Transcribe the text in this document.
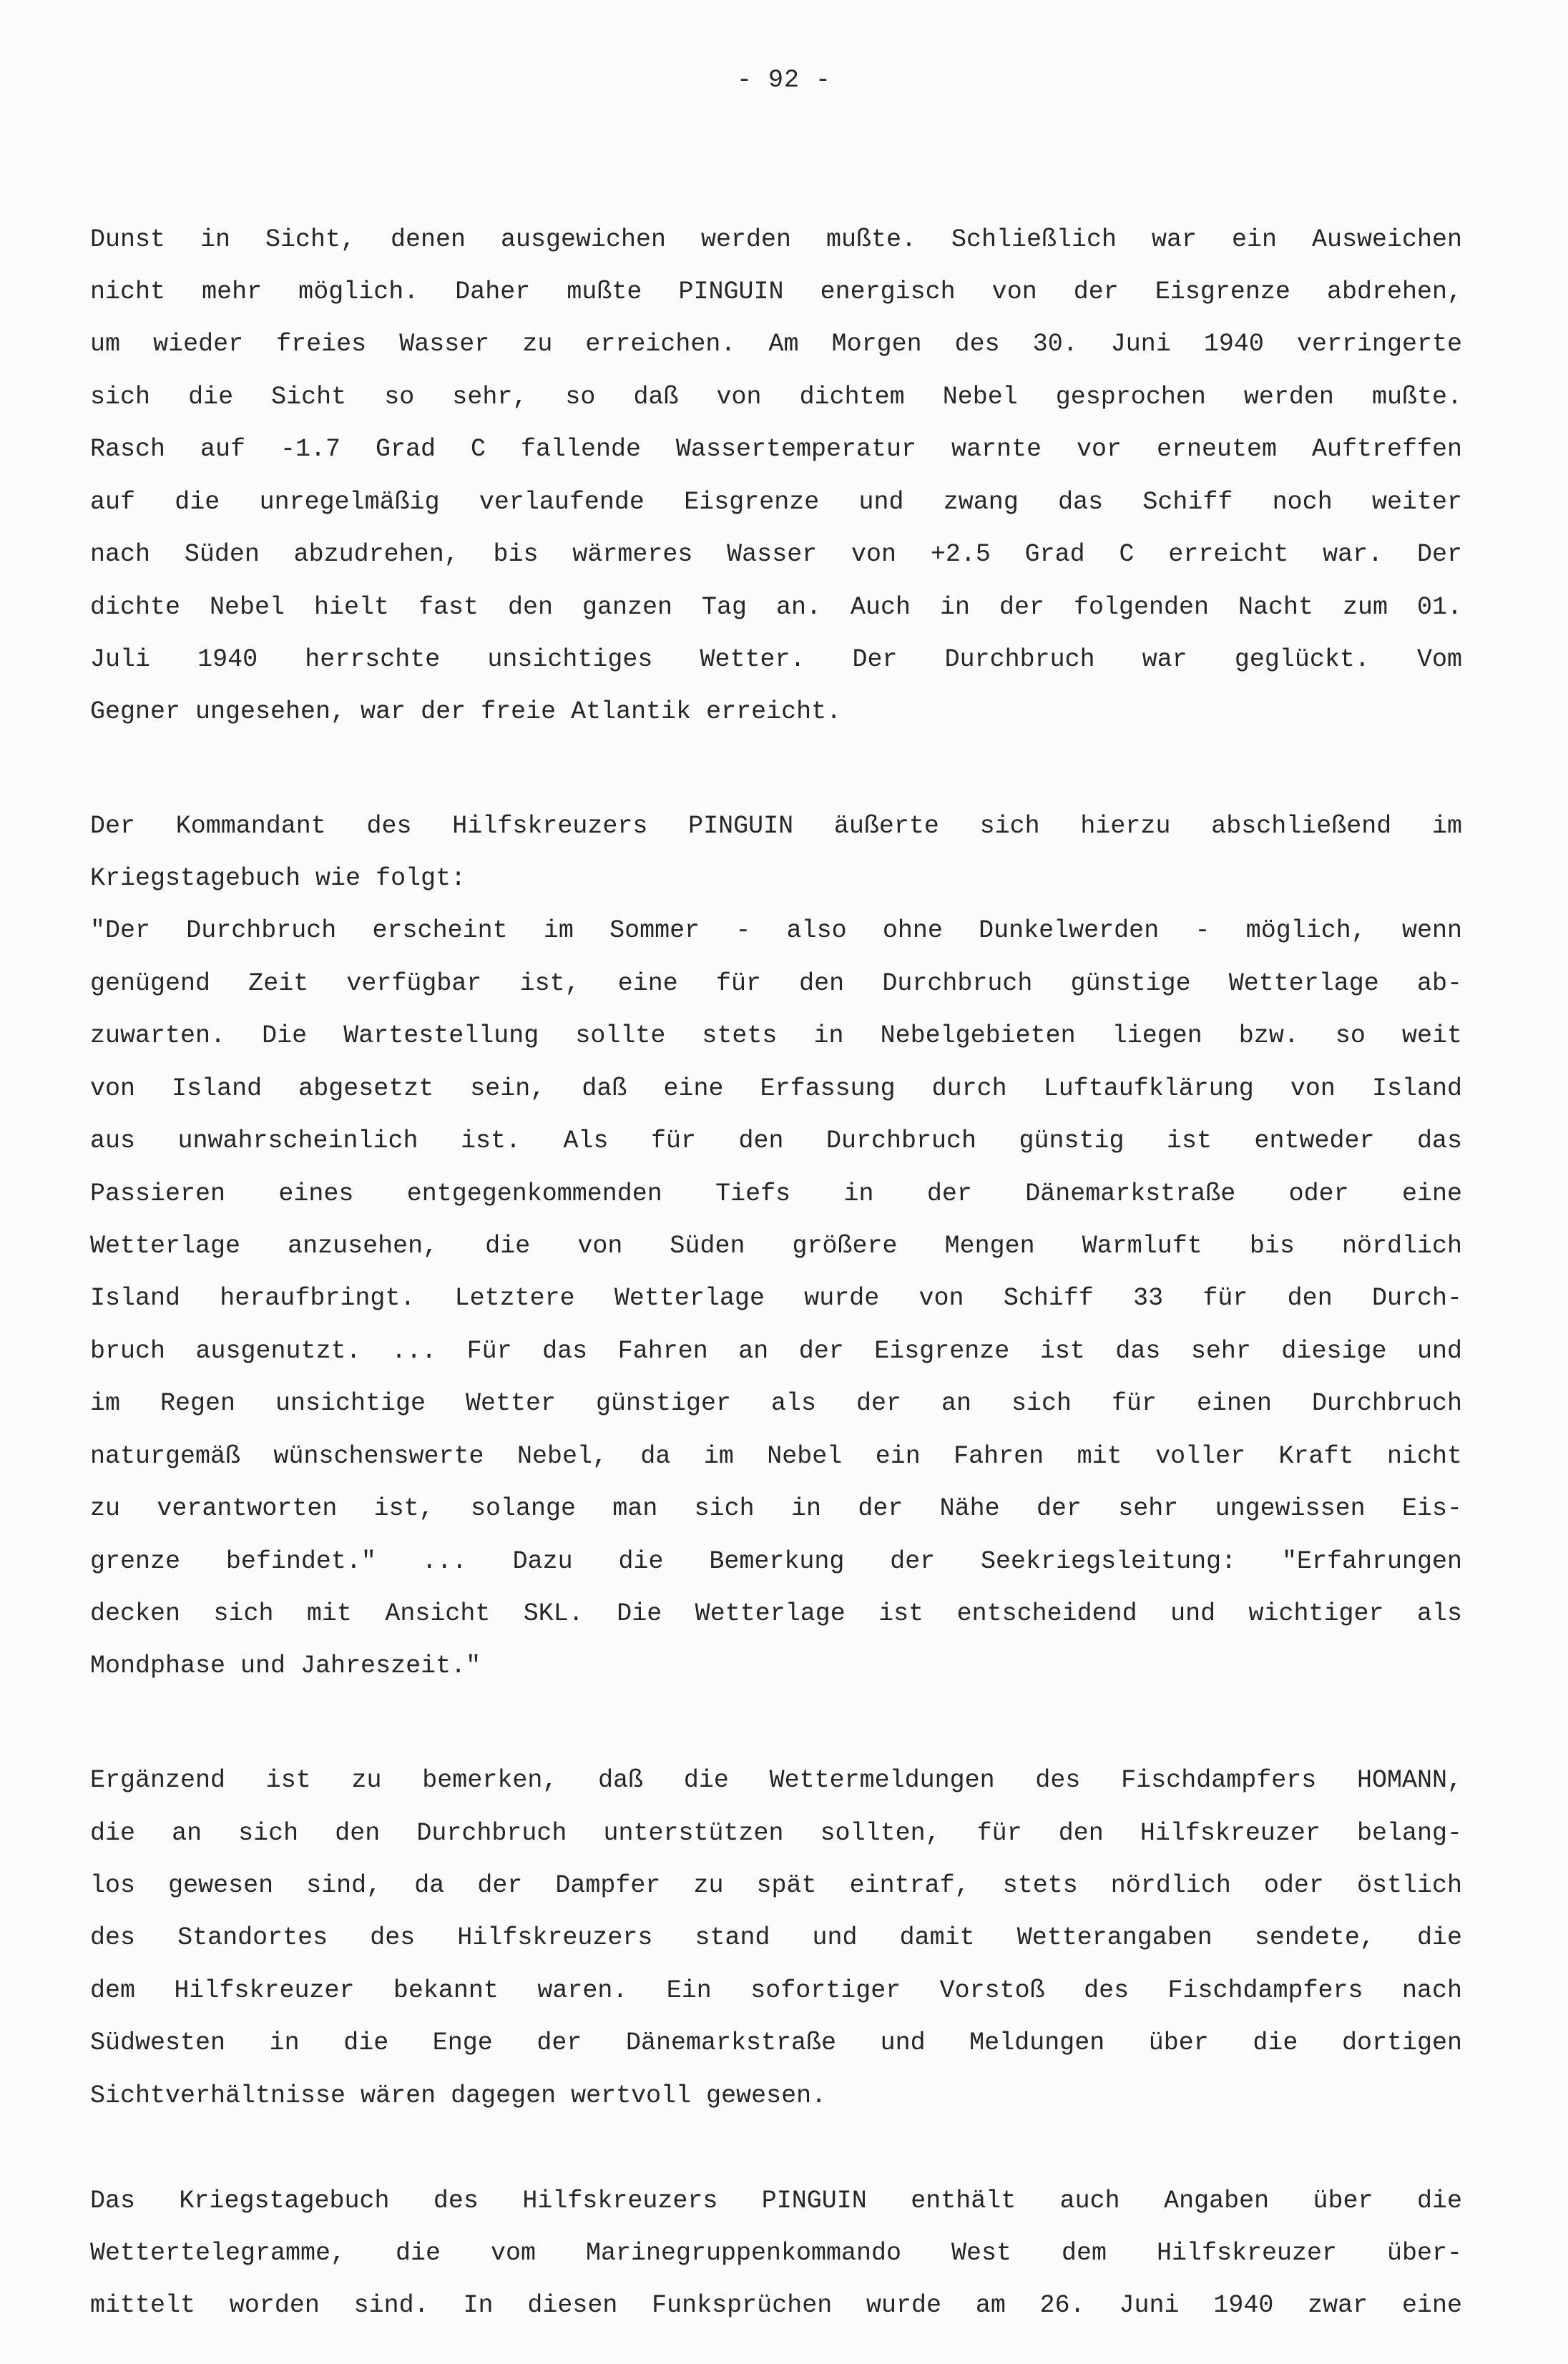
- 92 -
Dunst in Sicht, denen ausgewichen werden mußte. Schließlich war ein Ausweichen
nicht mehr möglich. Daher mußte PINGUIN energisch von der Eisgrenze abdrehen,
um wieder freies Wasser zu erreichen. Am Morgen des 30. Juni 1940 verringerte
sich die Sicht so sehr, so daß von dichtem Nebel gesprochen werden mußte.
Rasch auf -1.7 Grad C fallende Wassertemperatur warnte vor erneutem Auftreffen
auf die unregelmäßig verlaufende Eisgrenze und zwang das Schiff noch weiter
nach Süden abzudrehen, bis wärmeres Wasser von +2.5 Grad C erreicht war. Der
dichte Nebel hielt fast den ganzen Tag an. Auch in der folgenden Nacht zum 01.
Juli 1940 herrschte unsichtiges Wetter. Der Durchbruch war geglückt. Vom
Gegner ungesehen, war der freie Atlantik erreicht.
Der Kommandant des Hilfskreuzers PINGUIN äußerte sich hierzu abschließend im
Kriegstagebuch wie folgt:
"Der Durchbruch erscheint im Sommer - also ohne Dunkelwerden - möglich, wenn
genügend Zeit verfügbar ist, eine für den Durchbruch günstige Wetterlage ab-
zuwarten. Die Wartestellung sollte stets in Nebelgebieten liegen bzw. so weit
von Island abgesetzt sein, daß eine Erfassung durch Luftaufklärung von Island
aus unwahrscheinlich ist. Als für den Durchbruch günstig ist entweder das
Passieren eines entgegenkommenden Tiefs in der Dänemarkstraße oder eine
Wetterlage anzusehen, die von Süden größere Mengen Warmluft bis nördlich
Island heraufbringt. Letztere Wetterlage wurde von Schiff 33 für den Durch-
bruch ausgenutzt. ... Für das Fahren an der Eisgrenze ist das sehr diesige und
im Regen unsichtige Wetter günstiger als der an sich für einen Durchbruch
naturgemäß wünschenswerte Nebel, da im Nebel ein Fahren mit voller Kraft nicht
zu verantworten ist, solange man sich in der Nähe der sehr ungewissen Eis-
grenze befindet." ... Dazu die Bemerkung der Seekriegsleitung: "Erfahrungen
decken sich mit Ansicht SKL. Die Wetterlage ist entscheidend und wichtiger als
Mondphase und Jahreszeit."
Ergänzend ist zu bemerken, daß die Wettermeldungen des Fischdampfers HOMANN,
die an sich den Durchbruch unterstützen sollten, für den Hilfskreuzer belang-
los gewesen sind, da der Dampfer zu spät eintraf, stets nördlich oder östlich
des Standortes des Hilfskreuzers stand und damit Wetterangaben sendete, die
dem Hilfskreuzer bekannt waren. Ein sofortiger Vorstoß des Fischdampfers nach
Südwesten in die Enge der Dänemarkstraße und Meldungen über die dortigen
Sichtverhältnisse wären dagegen wertvoll gewesen.
Das Kriegstagebuch des Hilfskreuzers PINGUIN enthält auch Angaben über die
Wettertelegramme, die vom Marinegruppenkommando West dem Hilfskreuzer über-
mittelt worden sind. In diesen Funksprüchen wurde am 26. Juni 1940 zwar eine
